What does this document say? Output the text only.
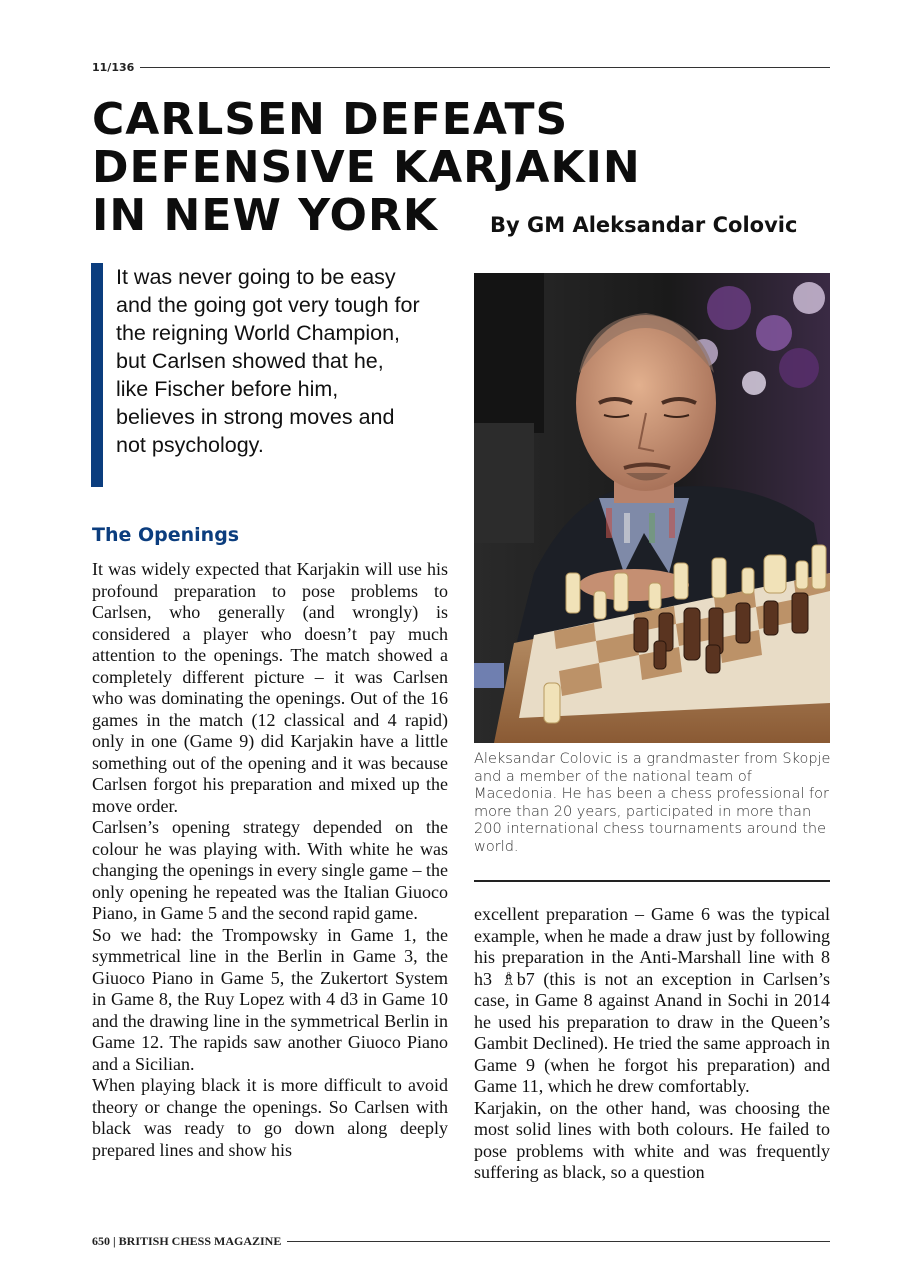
11/136
CARLSEN DEFEATS
DEFENSIVE KARJAKIN
IN NEW YORK	By GM Aleksandar Colovic

It was never going to be easy and the going got very tough for the reigning World Champion, but Carlsen showed that he, like Fischer before him, believes in strong moves and not psychology.

The Openings

It was widely expected that Karjakin will use his profound preparation to pose problems to Carlsen, who generally (and wrongly) is considered a player who doesn’t pay much attention to the openings. The match showed a completely different picture – it was Carlsen who was dominating the openings. Out of the 16 games in the match (12 classical and 4 rapid) only in one (Game 9) did Karjakin have a little something out of the opening and it was because Carlsen forgot his preparation and mixed up the move order.

Carlsen’s opening strategy depended on the colour he was playing with. With white he was changing the openings in every single game – the only opening he repeated was the Italian Giuoco Piano, in Game 5 and the second rapid game.

So we had: the Trompowsky in Game 1, the symmetrical line in the Berlin in Game 3, the Giuoco Piano in Game 5, the Zukertort System in Game 8, the Ruy Lopez with 4 d3 in Game 10 and the drawing line in the symmetrical Berlin in Game 12. The rapids saw another Giuoco Piano and a Sicilian.

When playing black it is more difficult to avoid theory or change the openings. So Carlsen with black was ready to go down along deeply prepared lines and show his

Aleksandar Colovic is a grandmaster from Skopje and a member of the national team of Macedonia. He has been a chess professional for more than 20 years, participated in more than 200 international chess tournaments around the world.

excellent preparation – Game 6 was the typical example, when he made a draw just by following his preparation in the Anti-Marshall line with 8 h3 ♗b7 (this is not an exception in Carlsen’s case, in Game 8 against Anand in Sochi in 2014 he used his preparation to draw in the Queen’s Gambit Declined). He tried the same approach in Game 9 (when he forgot his preparation) and Game 11, which he drew comfortably.

Karjakin, on the other hand, was choosing the most solid lines with both colours. He failed to pose problems with white and was frequently suffering as black, so a question

650 | BRITISH CHESS MAGAZINE
